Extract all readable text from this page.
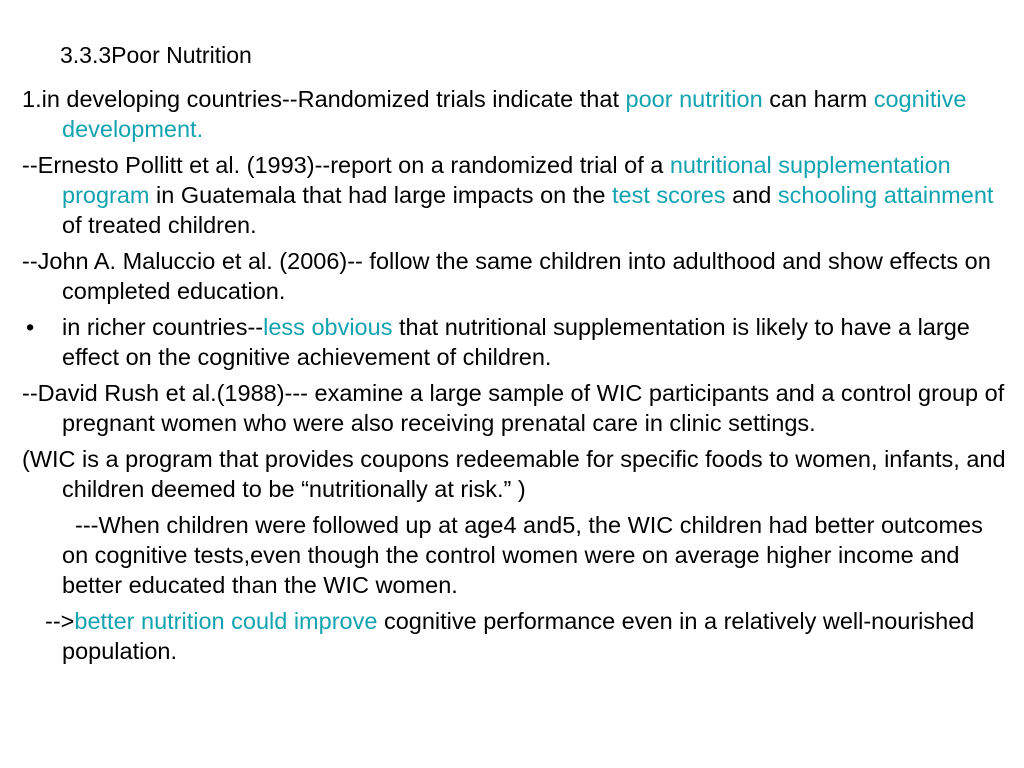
3.3.3Poor Nutrition

1.in developing countries--Randomized trials indicate that poor nutrition can harm cognitive development.

--Ernesto Pollitt et al. (1993)--report on a randomized trial of a nutritional supplementation program in Guatemala that had large impacts on the test scores and schooling attainment of treated children.

--John A. Maluccio et al. (2006)-- follow the same children into adulthood and show effects on completed education.

• in richer countries--less obvious that nutritional supplementation is likely to have a large effect on the cognitive achievement of children.

--David Rush et al.(1988)--- examine a large sample of WIC participants and a control group of pregnant women who were also receiving prenatal care in clinic settings.

(WIC is a program that provides coupons redeemable for specific foods to women, infants, and children deemed to be “nutritionally at risk.” )

---When children were followed up at age4 and5, the WIC children had better outcomes on cognitive tests,even though the control women were on average higher income and better educated than the WIC women.

-->better nutrition could improve cognitive performance even in a relatively well-nourished population.
